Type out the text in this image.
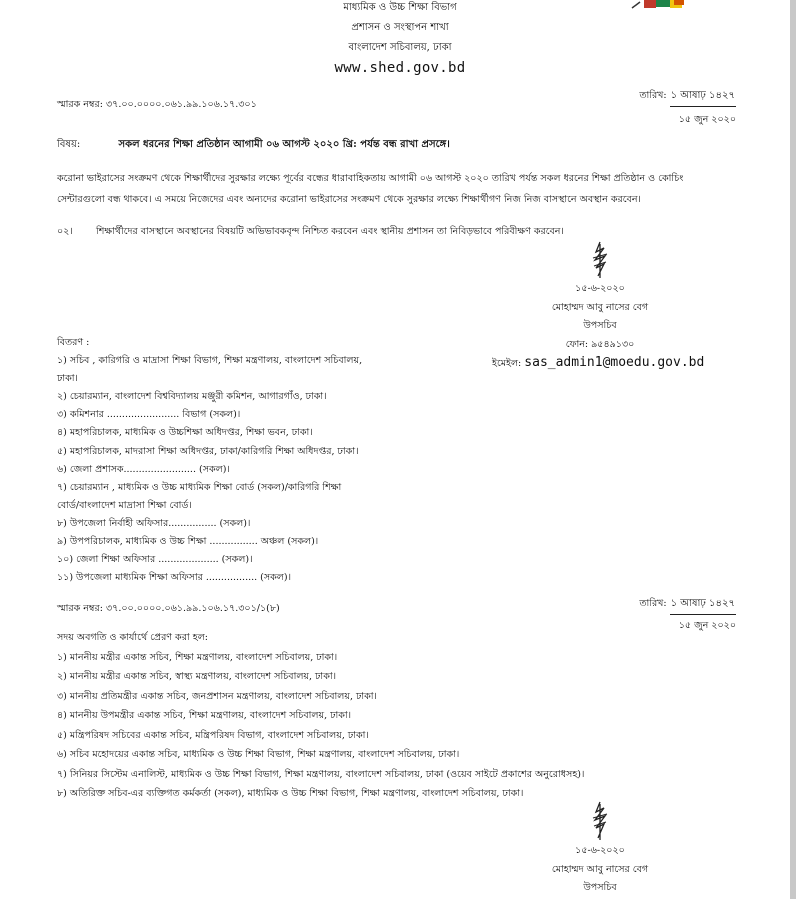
মাধ্যমিক ও উচ্চ শিক্ষা বিভাগ
প্রশাসন ও সংস্থাপন শাখা
বাংলাদেশ সচিবালয়, ঢাকা
www.shed.gov.bd
স্মারক নম্বর: ৩৭.০০.০০০০.০৬১.৯৯.১০৬.১৭.৩০১
তারিখ: ১ আষাঢ় ১৪২৭
১৫ জুন ২০২০
বিষয়:	সকল ধরনের শিক্ষা প্রতিষ্ঠান আগামী ০৬ আগস্ট ২০২০ খ্রি: পর্যন্ত বন্ধ রাখা প্রসঙ্গে।
করোনা ভাইরাসের সংক্রমণ থেকে শিক্ষার্থীদের সুরক্ষার লক্ষ্যে পূর্বের বন্ধের ধারাবাহিকতায় আগামী ০৬ আগস্ট ২০২০ তারিখ পর্যন্ত সকল ধরনের শিক্ষা প্রতিষ্ঠান ও কোচিং
সেন্টারগুলো বন্ধ থাকবে। এ সময়ে নিজেদের এবং অন্যদের করোনা ভাইরাসের সংক্রমণ থেকে সুরক্ষার লক্ষ্যে শিক্ষার্থীগণ নিজ নিজ বাসস্থানে অবস্থান করবেন।
০২। শিক্ষার্থীদের বাসস্থানে অবস্থানের বিষয়টি অভিভাবকবৃন্দ নিশ্চিত করবেন এবং স্থানীয় প্রশাসন তা নিবিড়ভাবে পরিবীক্ষণ করবেন।
১৫-৬-২০২০
মোহাম্মদ আবু নাসের বেগ
উপসচিব
ফোন: ৯৫৪৯১৩০
ইমেইল: sas_admin1@moedu.gov.bd
বিতরণ :
১) সচিব , কারিগরি ও মাদ্রাসা শিক্ষা বিভাগ, শিক্ষা মন্ত্রণালয়, বাংলাদেশ সচিবালয়,
ঢাকা।
২) চেয়ারম্যান, বাংলাদেশ বিশ্ববিদ্যালয় মঞ্জুরী কমিশন, আগারগাঁও, ঢাকা।
৩) কমিশনার ........................ বিভাগ (সকল)।
৪) মহাপরিচালক, মাধ্যমিক ও উচ্চশিক্ষা অধিদপ্তর, শিক্ষা ভবন, ঢাকা।
৫) মহাপরিচালক, মাদরাসা শিক্ষা অধিদপ্তর, ঢাকা/কারিগরি শিক্ষা অধিদপ্তর, ঢাকা।
৬) জেলা প্রশাসক........................ (সকল)।
৭) চেয়ারম্যান , মাধ্যমিক ও উচ্চ মাধ্যমিক শিক্ষা বোর্ড (সকল)/কারিগরি শিক্ষা
বোর্ড/বাংলাদেশ মাদ্রাসা শিক্ষা বোর্ড।
৮) উপজেলা নির্বাহী অফিসার................ (সকল)।
৯) উপপরিচালক, মাধ্যমিক ও উচ্চ শিক্ষা ................ অঞ্চল (সকল)।
১০) জেলা শিক্ষা অফিসার .................... (সকল)।
১১) উপজেলা মাধ্যমিক শিক্ষা অফিসার ................. (সকল)।
স্মারক নম্বর: ৩৭.০০.০০০০.০৬১.৯৯.১০৬.১৭.৩০১/১(৮)	তারিখ: ১ আষাঢ় ১৪২৭
১৫ জুন ২০২০
সদয় অবগতি ও কার্যার্থে প্রেরণ করা হল:
১) মাননীয় মন্ত্রীর একান্ত সচিব, শিক্ষা মন্ত্রণালয়, বাংলাদেশ সচিবালয়, ঢাকা।
২) মাননীয় মন্ত্রীর একান্ত সচিব, স্বাস্থ্য মন্ত্রণালয়, বাংলাদেশ সচিবালয়, ঢাকা।
৩) মাননীয় প্রতিমন্ত্রীর একান্ত সচিব, জনপ্রশাসন মন্ত্রণালয়, বাংলাদেশ সচিবালয়, ঢাকা।
৪) মাননীয় উপমন্ত্রীর একান্ত সচিব, শিক্ষা মন্ত্রণালয়, বাংলাদেশ সচিবালয়, ঢাকা।
৫) মন্ত্রিপরিষদ সচিবের একান্ত সচিব, মন্ত্রিপরিষদ বিভাগ, বাংলাদেশ সচিবালয়, ঢাকা।
৬) সচিব মহোদয়ের একান্ত সচিব, মাধ্যমিক ও উচ্চ শিক্ষা বিভাগ, শিক্ষা মন্ত্রণালয়, বাংলাদেশ সচিবালয়, ঢাকা।
৭) সিনিয়র সিস্টেম এনালিস্ট, মাধ্যমিক ও উচ্চ শিক্ষা বিভাগ, শিক্ষা মন্ত্রণালয়, বাংলাদেশ সচিবালয়, ঢাকা (ওয়েব সাইটে প্রকাশের অনুরোধসহ)।
৮) অতিরিক্ত সচিব-এর ব্যক্তিগত কর্মকর্তা (সকল), মাধ্যমিক ও উচ্চ শিক্ষা বিভাগ, শিক্ষা মন্ত্রণালয়, বাংলাদেশ সচিবালয়, ঢাকা।
১৫-৬-২০২০
মোহাম্মদ আবু নাসের বেগ
উপসচিব
